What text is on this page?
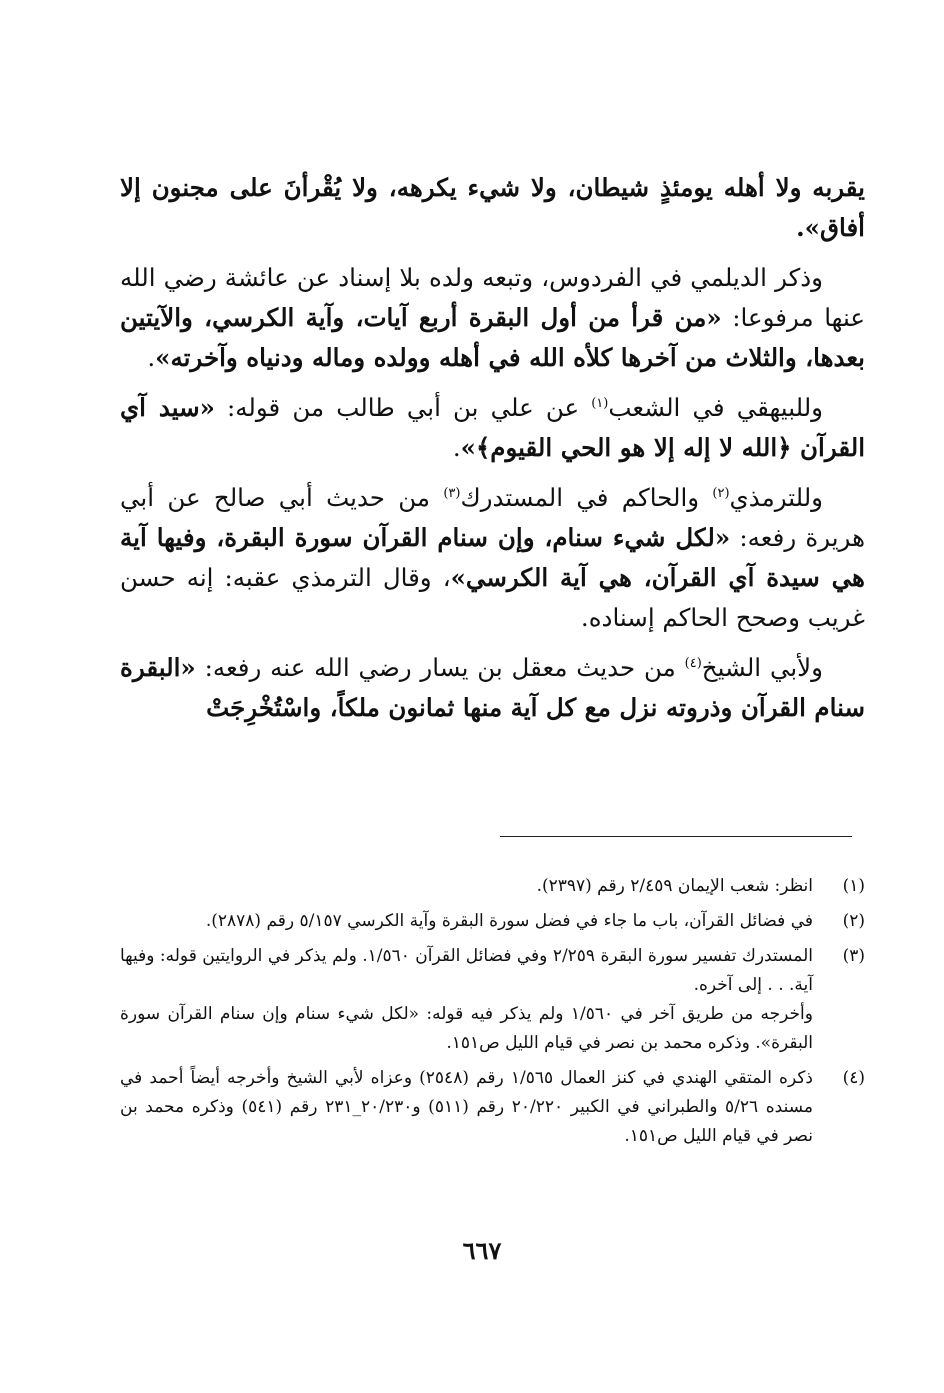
يقربه ولا أهله يومئذٍ شيطان، ولا شيء يكرهه، ولا يُقْرأنَ على مجنون إلا أفاق».

وذكر الديلمي في الفردوس، وتبعه ولده بلا إسناد عن عائشة رضي الله عنها مرفوعا: «من قرأ من أول البقرة أربع آيات، وآية الكرسي، والآيتين بعدها، والثلاث من آخرها كلأه الله في أهله وولده وماله ودنياه وآخرته».

وللبيهقي في الشعب$^{(١)}$ عن علي بن أبي طالب من قوله: «سيد آي القرآن ﴿الله لا إله إلا هو الحي القيوم﴾».

وللترمذي$^{(٢)}$ والحاكم في المستدرك$^{(٣)}$ من حديث أبي صالح عن أبي هريرة رفعه: «لكل شيء سنام، وإن سنام القرآن سورة البقرة، وفيها آية هي سيدة آي القرآن، هي آية الكرسي»، وقال الترمذي عقبه: إنه حسن غريب وصحح الحاكم إسناده.

ولأبي الشيخ$^{(٤)}$ من حديث معقل بن يسار رضي الله عنه رفعه: «البقرة سنام القرآن وذروته نزل مع كل آية منها ثمانون ملكاً، واسْتُخْرِجَتْ

(١)

انظر: شعب الإيمان ٢/٤٥٩ رقم (٢٣٩٧).

(٢)

في فضائل القرآن، باب ما جاء في فضل سورة البقرة وآية الكرسي ٥/١٥٧ رقم (٢٨٧٨).

(٣)

المستدرك تفسير سورة البقرة ٢/٢٥٩ وفي فضائل القرآن ١/٥٦٠. ولم يذكر في الروايتين قوله: وفيها آية. . . إلى آخره.

وأخرجه من طريق آخر في ١/٥٦٠ ولم يذكر فيه قوله: «لكل شيء سنام وإن سنام القرآن سورة البقرة». وذكره محمد بن نصر في قيام الليل ص١٥١.

(٤)

ذكره المتقي الهندي في كنز العمال ١/٥٦٥ رقم (٢٥٤٨) وعزاه لأبي الشيخ وأخرجه أيضاً أحمد في مسنده ٥/٢٦ والطبراني في الكبير ٢٠/٢٢٠ رقم (٥١١) و٢٠/٢٣٠_٢٣١ رقم (٥٤١) وذكره محمد بن نصر في قيام الليل ص١٥١.

٦٦٧
